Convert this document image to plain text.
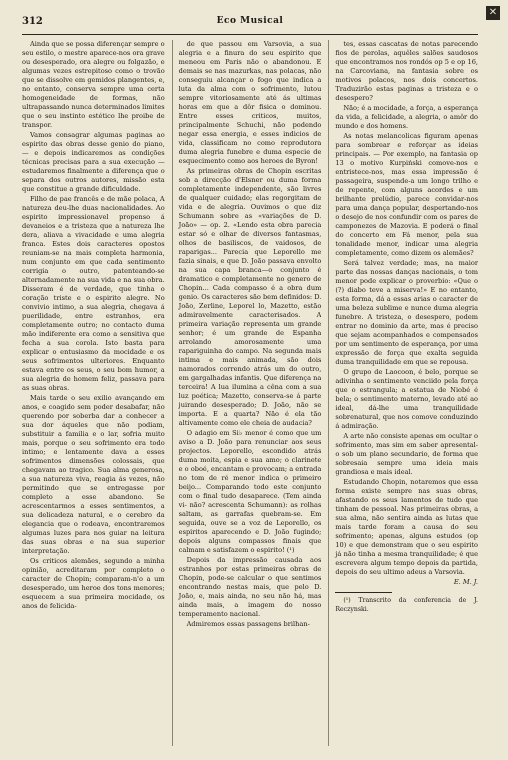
✕
312	Eco Musical

Ainda que se possa diferençar sempre o seu estilo, o mestre aparece-nos ora grave ou desesperado, ora alegre ou folgazão, e algumas vezes estrepitoso como o trovão que se dissolve em gemidos plangentes, e, no entanto, conserva sempre uma certa homogeneidade de formas, não ultrapassando nunca determinados limites que o seu instinto estético lhe proibe de transpor.

Vamos consagrar algumas paginas ao espirito das obras desse genio do piano, — e depois indicaremos as condições técnicas precisas para a sua execução — estudaremos finalmente a diferença que o separa dos outros autores, missão esta que constitue a grande dificuldade.

Filho de pae francês e de mãe polaca, A natureza deu-lhe duas nacionalidades. Ao espirito impressionavel propenso á devaneios e a tristeza que a natureza lhe dera, aliava a vivacidade e uma alegria franca. Estes dois caracteres opostos reuniam-se na mais completa harmonia, num conjunto em que cada sentimento corrigia o outro, patenteando-se alternadamente na sua vida e na sua obra. Disseram é de verdade, que tinha o coração triste e o espirito alegre. No convivio intimo, a sua alegria, chegava á puerilidade, entre estranhos, era completamente outro; no contacto duma mão indiferente era como a sensitiva que fecha a sua corola. Isto basta para explicar o entusiasmo da mocidade e os seus sofrimentos ulteriores. Enquanto estava entre os seus, o seu bom humor, a sua alegria de homem feliz, passava para as suas obras.

Mais tarde o seu exilio avançando em anos, e coagido sem poder desabafar, não querendo por soberba dar a conhecer a sua dor áqueles que não podiam, substituir a familia e o lar, sofria muito mais, porque o seu sofrimento era todo intimo; e lentamente dava a esses sofrimentos dimensões colossais, que chegavam ao tragico. Sua alma generosa, a sua natureza viva, reagia ás vezes, não permitindo que se entregasse por completo a esse abandono. Se acrescentarmos a esses sentimentos, a sua delicadeza natural, e o cerebro da elegancia que o rodeava, encontraremos algumas luzes para nos guiar na leitura das suas obras e na sua superior interpretação.

Os criticos alemães, segundo a minha opinião, acreditaram por completo o caracter de Chopin; comparam-n'o a um desesperado, um heroe dos tons menores; esquecem a sua primeira mocidade, os anos de felicida-

de que passou em Varsovia, a sua alegria e a finura do seu espirito que meneou em Paris não o abandonou. E demais se nas mazurkas, nas polacas, não conseguiu alcançar o fogo que indica a luta da alma com o sofrimento, lutou sempre vitoriosamente até ás ultimas horas em que a dôr fisica o dominou. Entre esses criticos, muitos, principalmente Schuchi, não podendo negar essa energia, e esses indicios de vida, classificam no como reprodutora duma alegria funebre e duma especie de esquecimento como aos heroes de Byron!

As primeiras obras de Chopin escritas sob a direcção d'Elsner ou duma forma completamente independente, são livres de qualquer cuidado; elas regorgitam de vida e de alegria. Ouvimos o que diz Schumann sobre as «variações de D. João» — op. 2. «Lendo esta obra parecia estar só e olhar de diversos fantasmas, olhos de basiliscos, de vaidosos, de raparigas... Parecia que Leporello me fazia sinais, e que D. João passava envolto na sua capa branca—o conjunto é dramatico e completamente no genero de Chopin... Cada compasso é a obra dum genio. Os caracteres são bem definidos: D. João, Zerline, Leporel lo, Mazetto, estão admiravelmente caracterisados. A primeira variação representa um grande senhor; é um grande de Espanha arrolando amorosamente uma rapariguinha do campo. Na segunda mais intima e mais animada, são dois namorados correndo atrás um do outro, em gargalhadas infantis. Que diferença na terceira! A lua ilumina a cêna com a sua luz poética; Mazetto, conserva-se á parte juirando desesperado; D. João, não se importa. E a quarta? Não é ela tão altivamente como ele cheia de audacia?

O adagio em Si♭ menor é como que um aviso a D. João para renunciar aos seus projectos. Leporello, escondido atrás duma moita, espia e sua amo; o clarinete e o oboé, encantam e provocam; a entrada no tom de ré menor indica o primeiro beijo... Comparando todo este conjunto com o final tudo desaparece. (Tem ainda vi- não? acrescenta Schumann): as rolhas saltam, as garrafas quebram-se. Em seguida, ouve se a voz de Leporello, os espiritos aparecendo e D. João fugindo; depois alguns compassos finais que calmam e satisfazem o espirito! (¹)

Depois da impressão causada aos estranhos por estas primeiras obras de Chopin, pode-se calcular o que sentimos encontrando nestas mais, que pelo D. João, e, mais ainda, no seu não há, mas ainda mais, a imagem do nosso temperamento nacional.

Admiremos essas passagens brilhan-

tes, essas cascatas de notas parecendo fios de perolas, aquêles salões saudosos que encontramos nos rondós op 5 e op 16, na Carcoviana, na fantasia sobre os motivos polacos, nos dois concertos. Traduzirão estas paginas a tristeza e o desespero?

Não; é a mocidade, a força, a esperança da vida, a felicidade, a alegria, o amôr do mundo e dos homens.

As notas melancolicas figuram apenas para sombrear e reforçar as ideias principais. — Por exemplo, na fantasia op 13 o motivo Kurpiński comove-nos e entristece-nos, mas essa impressão é passageira, suspende-a um longo trilho e de repente, com alguns acordes e um brilhante prelúdio, parece convidar-nos para uma dança popular, despertando-nos o desejo de nos confundir com os pares de camponezes de Mazovia. E poderá o final do concerto em Fá menor, pela sua tonalidade menor, indicar uma alegria completamente, como dizem os alemães?

Será talvez verdade; mas, na maior parte das nossas danças nacionais, o tom menor pode explicar o proverbio: «Que o (?) diabo teve a miserva!» E no entanto, esta forma, dá a essas arias o caracter de uma beleza sublime e nunce duma alegria funebre. A tristeza, o desespero, podem entrar no dominio da arte, mas é preciso que sejam acompanhados e compensados por um sentimento de esperança, por uma expressão de força que exalta seguida duma tranquilidade em que se repousa.

O grupo de Laocoon, é belo, porque se adivinha o sentimento venciido pela força que o estrangula; a estatua de Niobé é bela; o sentimento materno, levado até ao ideal, dá-lhe uma tranquilidade sobrenatural, que nos comove conduzindo á admiração.

A arte não consiste apenas em ocultar o sofrimento, mas sim em saber apresental-o sob um plano secundario, de forma que sobresaia sempre uma ideia mais grandiosa e mais ideal.

Estudando Chopin, notaremos que essa forma existe sempre nas suas obras, afastando os seus lamentos de tudo que tinham de pessoal. Nas primeiras obras, a sua alma, não sentira ainda as lutas que mais tarde foram a causa do seu sofrimento; apenas, alguns estudos (op 10) e que demonstram que o seu espirito já não tinha a mesma tranquilidade; é que escrevera algum tempo depois da partida, depois do seu ultimo adeus a Varsovia.

E. M. J.

(¹) Transcrito da conferencia de J. Reczynski.
